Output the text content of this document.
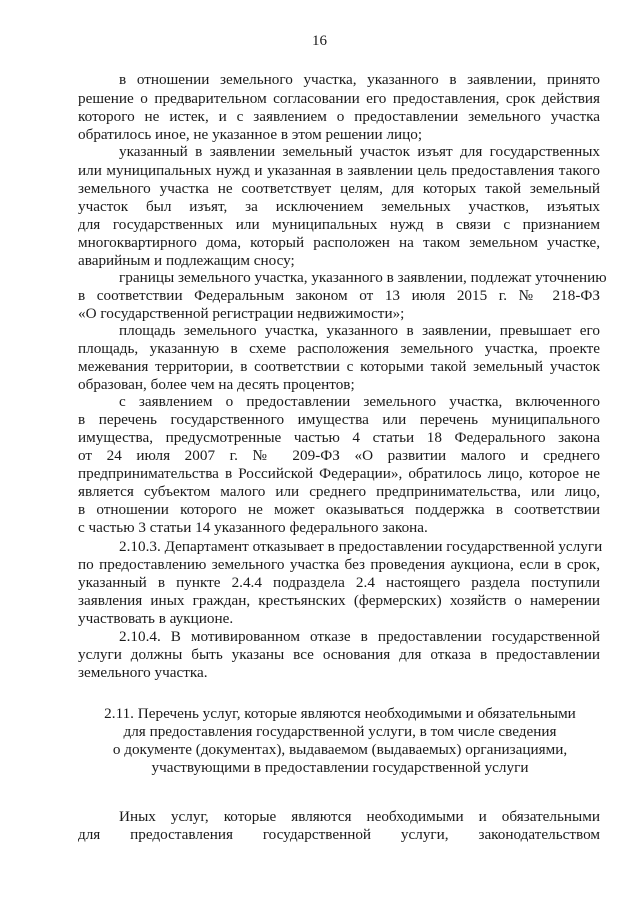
16

в отношении земельного участка, указанного в заявлении, принято

решение о предварительном согласовании его предоставления, срок действия

которого не истек, и с заявлением о предоставлении земельного участка

обратилось иное, не указанное в этом решении лицо;

указанный в заявлении земельный участок изъят для государственных

или муниципальных нужд и указанная в заявлении цель предоставления такого

земельного участка не соответствует целям, для которых такой земельный

участок был изъят, за исключением земельных участков, изъятых

для государственных или муниципальных нужд в связи с признанием

многоквартирного дома, который расположен на таком земельном участке,

аварийным и подлежащим сносу;

границы земельного участка, указанного в заявлении, подлежат уточнению

в соответствии Федеральным законом от 13 июля 2015 г. № 218-ФЗ

«О государственной регистрации недвижимости»;

площадь земельного участка, указанного в заявлении, превышает его

площадь, указанную в схеме расположения земельного участка, проекте

межевания территории, в соответствии с которыми такой земельный участок

образован, более чем на десять процентов;

с заявлением о предоставлении земельного участка, включенного

в перечень государственного имущества или перечень муниципального

имущества, предусмотренные частью 4 статьи 18 Федерального закона

от 24 июля 2007 г. № 209-ФЗ «О развитии малого и среднего

предпринимательства в Российской Федерации», обратилось лицо, которое не

является субъектом малого или среднего предпринимательства, или лицо,

в отношении которого не может оказываться поддержка в соответствии

с частью 3 статьи 14 указанного федерального закона.

2.10.3. Департамент отказывает в предоставлении государственной услуги

по предоставлению земельного участка без проведения аукциона, если в срок,

указанный в пункте 2.4.4 подраздела 2.4 настоящего раздела поступили

заявления иных граждан, крестьянских (фермерских) хозяйств о намерении

участвовать в аукционе.

2.10.4. В мотивированном отказе в предоставлении государственной

услуги должны быть указаны все основания для отказа в предоставлении

земельного участка.

2.11. Перечень услуг, которые являются необходимыми и обязательными

для предоставления государственной услуги, в том числе сведения

о документе (документах), выдаваемом (выдаваемых) организациями,

участвующими в предоставлении государственной услуги

Иных услуг, которые являются необходимыми и обязательными

для предоставления государственной услуги, законодательством
